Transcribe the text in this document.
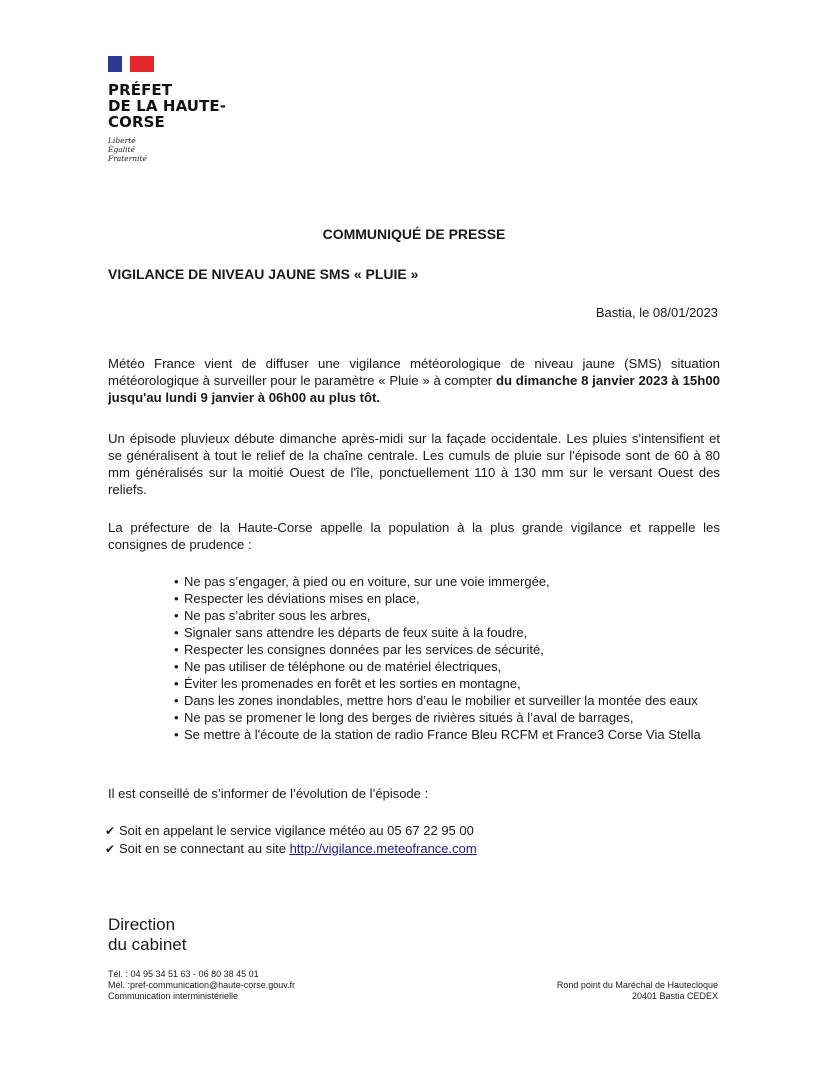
PRÉFET
DE LA HAUTE-
CORSE
Liberté
Égalité
Fraternité
COMMUNIQUÉ DE PRESSE
VIGILANCE DE NIVEAU JAUNE SMS « PLUIE »
Bastia, le 08/01/2023
Météo France vient de diffuser une vigilance météorologique de niveau jaune (SMS) situation météorologique à surveiller pour le paramètre « Pluie » à compter du dimanche 8 janvier 2023 à 15h00 jusqu'au lundi 9 janvier à 06h00 au plus tôt.
Un épisode pluvieux débute dimanche après-midi sur la façade occidentale. Les pluies s'intensifient et se généralisent à tout le relief de la chaîne centrale. Les cumuls de pluie sur l'épisode sont de 60 à 80 mm généralisés sur la moitié Ouest de l'île, ponctuellement 110 à 130 mm sur le versant Ouest des reliefs.
La préfecture de la Haute-Corse appelle la population à la plus grande vigilance et rappelle les consignes de prudence :
• Ne pas s’engager, à pied ou en voiture, sur une voie immergée,
• Respecter les déviations mises en place,
• Ne pas s’abriter sous les arbres,
• Signaler sans attendre les départs de feux suite à la foudre,
• Respecter les consignes données par les services de sécurité,
• Ne pas utiliser de téléphone ou de matériel électriques,
• Éviter les promenades en forêt et les sorties en montagne,
• Dans les zones inondables, mettre hors d’eau le mobilier et surveiller la montée des eaux
• Ne pas se promener le long des berges de rivières situés à l’aval de barrages,
• Se mettre à l'écoute de la station de radio France Bleu RCFM et France3 Corse Via Stella
Il est conseillé de s’informer de l’évolution de l’épisode :
✔ Soit en appelant le service vigilance météo au 05 67 22 95 00
✔ Soit en se connectant au site http://vigilance.meteofrance.com
Direction
du cabinet
Tél. : 04 95 34 51 63 - 06 80 38 45 01
Mél. :pref-communication@haute-corse.gouv.fr
Communication interministérielle
Rond point du Maréchal de Hautecloque
20401 Bastia CEDEX
